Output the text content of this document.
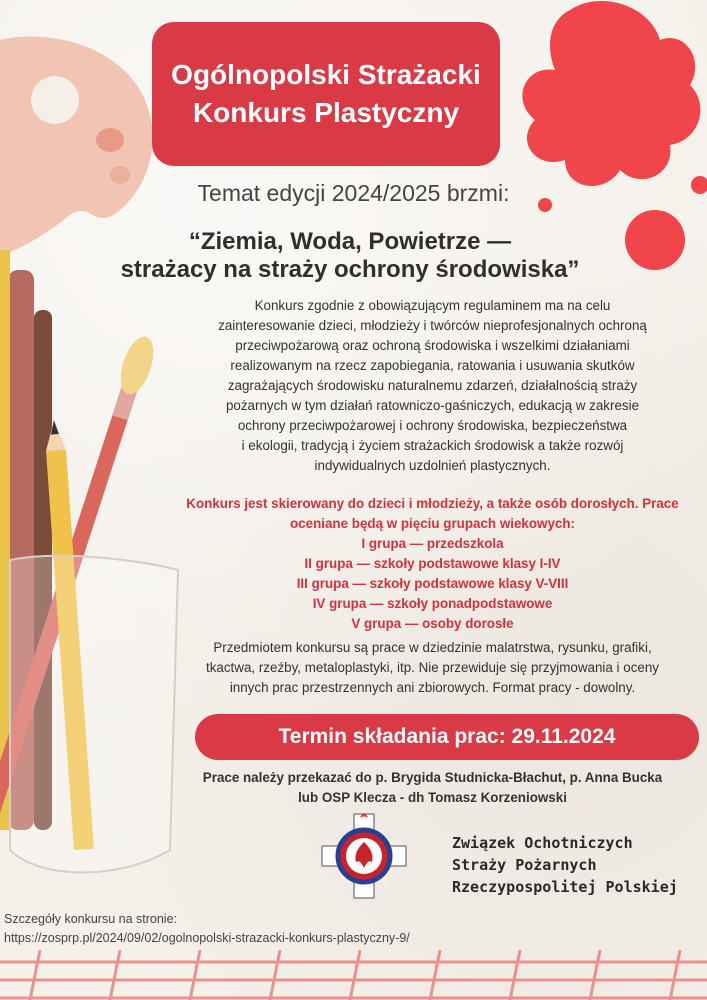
Ogólnopolski Strażacki
Konkurs Plastyczny
Temat edycji 2024/2025 brzmi:
“Ziemia, Woda, Powietrze —
strażacy na straży ochrony środowiska”
Konkurs zgodnie z obowiązującym regulaminem ma na celu
zainteresowanie dzieci, młodzieży i twórców nieprofesjonalnych ochroną
przeciwpożarową oraz ochroną środowiska i wszelkimi działaniami
realizowanym na rzecz zapobiegania, ratowania i usuwania skutków
zagrażających środowisku naturalnemu zdarzeń, działalnością straży
pożarnych w tym działań ratowniczo-gaśniczych, edukacją w zakresie
ochrony przeciwpożarowej i ochrony środowiska, bezpieczeństwa
i ekologii, tradycją i życiem strażackich środowisk a także rozwój
indywidualnych uzdolnień plastycznych.
Konkurs jest skierowany do dzieci i młodzieży, a także osób dorosłych. Prace
oceniane będą w pięciu grupach wiekowych:
I grupa — przedszkola
II grupa — szkoły podstawowe klasy I-IV
III grupa — szkoły podstawowe klasy V-VIII
IV grupa — szkoły ponadpodstawowe
V grupa — osoby dorosłe
Przedmiotem konkursu są prace w dziedzinie malatrstwa, rysunku, grafiki,
tkactwa, rzeźby, metaloplastyki, itp. Nie przewiduje się przyjmowania i oceny
innych prac przestrzennych ani zbiorowych. Format pracy - dowolny.
Termin składania prac: 29.11.2024
Prace należy przekazać do p. Brygida Studnicka-Błachut, p. Anna Bucka
lub OSP Klecza - dh Tomasz Korzeniowski
Związek Ochotniczych
Straży Pożarnych
Rzeczypospolitej Polskiej
Szczegóły konkursu na stronie:
https://zosprp.pl/2024/09/02/ogolnopolski-strazacki-konkurs-plastyczny-9/
